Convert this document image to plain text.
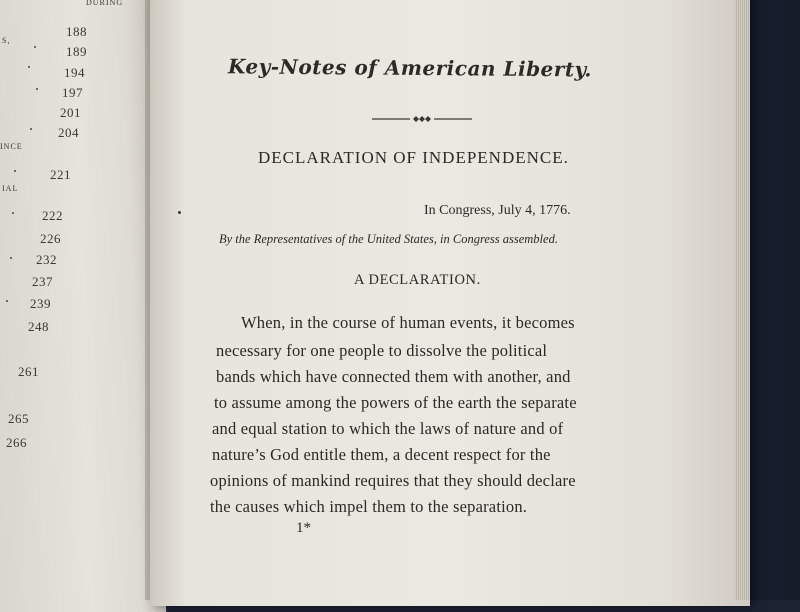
DURING
S,
INCE
IAL
188
189
194
197
201
204
221
222
226
232
237
239
248
261
265
266
Key-Notes of American Liberty.
DECLARATION OF INDEPENDENCE.
In Congress, July 4, 1776.
By the Representatives of the United States, in Congress assembled.
A DECLARATION.
When, in the course of human events, it becomes
necessary for one people to dissolve the political
bands which have connected them with another, and
to assume among the powers of the earth the separate
and equal station to which the laws of nature and of
nature’s God entitle them, a decent respect for the
opinions of mankind requires that they should declare
the causes which impel them to the separation.
1*
